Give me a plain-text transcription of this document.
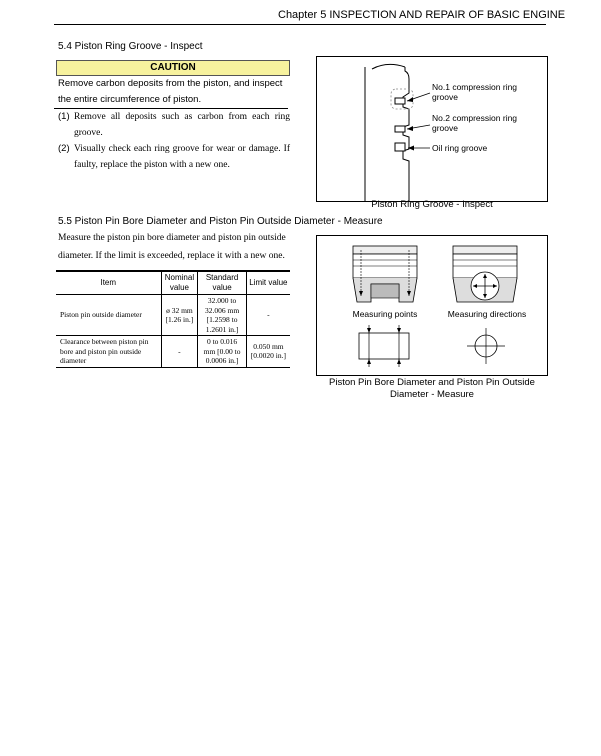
Chapter 5 INSPECTION AND REPAIR OF BASIC ENGINE
5.4 Piston Ring Groove - Inspect
CAUTION
Remove carbon deposits from the piston, and inspect the entire circumference of piston.
(1) Remove all deposits such as carbon from each ring groove.
(2) Visually check each ring groove for wear or damage. If faulty, replace the piston with a new one.
No.1 compression ring groove
No.2 compression ring groove
Oil ring groove
Piston Ring Groove - Inspect
5.5 Piston Pin Bore Diameter and Piston Pin Outside Diameter - Measure
Measure the piston pin bore diameter and piston pin outside diameter. If the limit is exceeded, replace it with a new one.
Item	Nominal value	Standard value	Limit value
Piston pin outside diameter	ø 32 mm [1.26 in.]	32.000 to 32.006 mm [1.2598 to 1.2601 in.]	-
Clearance between piston pin bore and piston pin outside diameter	-	0 to 0.016 mm [0.00 to 0.0006 in.]	0.050 mm [0.0020 in.]
Measuring points	Measuring directions
Piston Pin Bore Diameter and Piston Pin Outside Diameter - Measure
